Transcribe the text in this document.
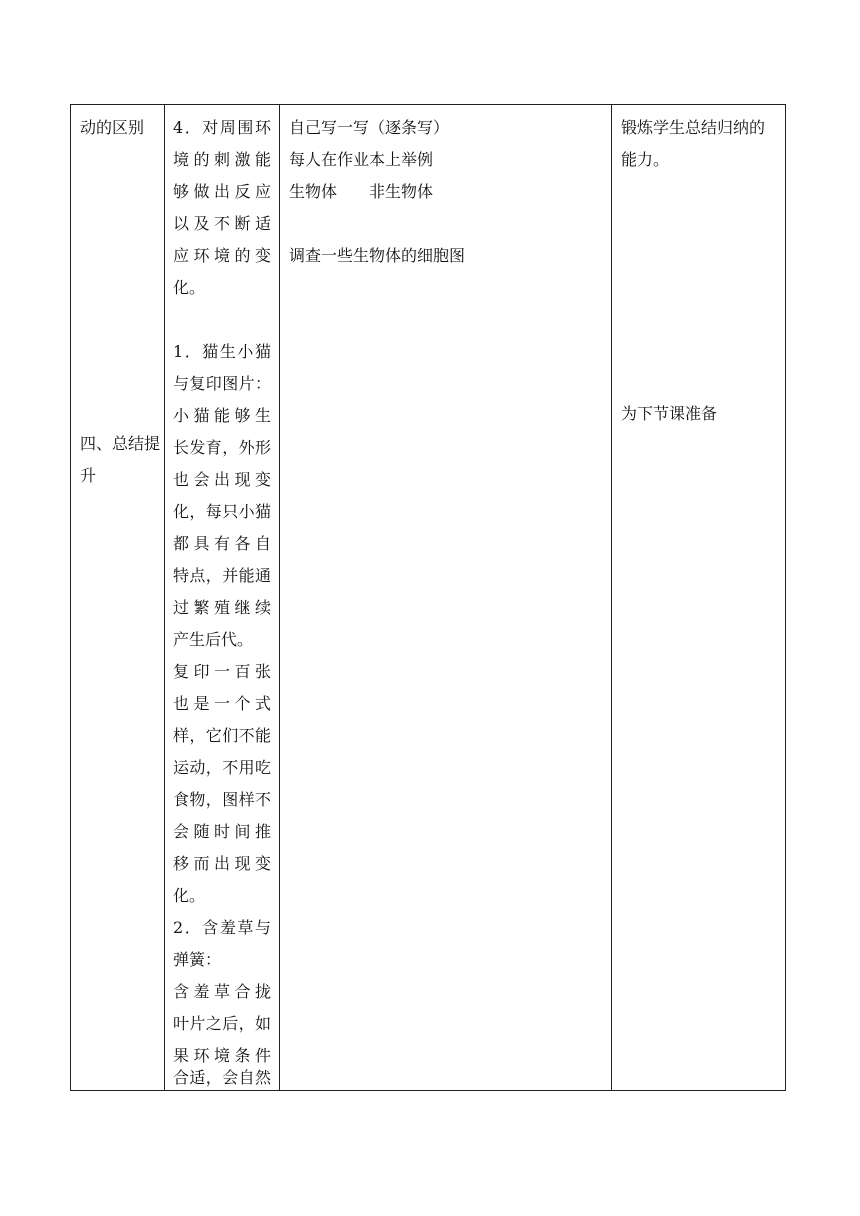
动的区别
四、总结提
升

4．对周围环
境的刺激能
够做出反应
以及不断适
应环境的变
化。
1．猫生小猫
与复印图片：
小猫能够生
长发育，外形
也会出现变
化，每只小猫
都具有各自
特点，并能通
过繁殖继续
产生后代。
复印一百张
也是一个式
样，它们不能
运动，不用吃
食物，图样不
会随时间推
移而出现变
化。
2．含羞草与
弹簧：
含羞草合拢
叶片之后，如
果环境条件
合适，会自然

自己写一写（逐条写）
每人在作业本上举例
生物体　　非生物体
调查一些生物体的细胞图

锻炼学生总结归纳的
能力。
为下节课准备
